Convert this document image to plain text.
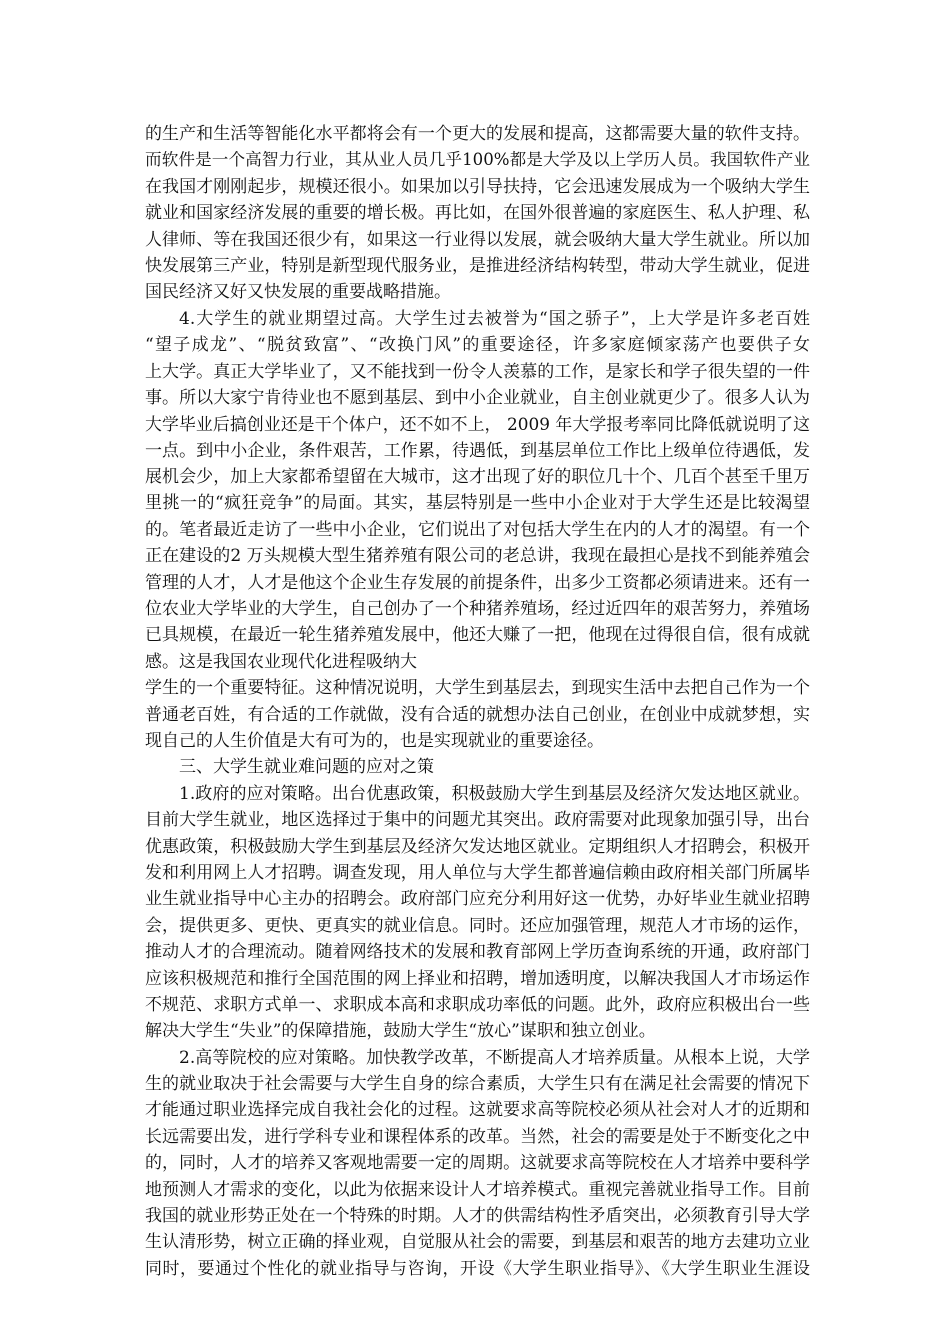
的生产和生活等智能化水平都将会有一个更大的发展和提高，这都需要大量的软件支持。
而软件是一个高智力行业，其从业人员几乎100%都是大学及以上学历人员。我国软件产业
在我国才刚刚起步，规模还很小。如果加以引导扶持，它会迅速发展成为一个吸纳大学生
就业和国家经济发展的重要的增长极。再比如，在国外很普遍的家庭医生、私人护理、私
人律师、等在我国还很少有，如果这一行业得以发展，就会吸纳大量大学生就业。所以加
快发展第三产业，特别是新型现代服务业，是推进经济结构转型，带动大学生就业，促进
国民经济又好又快发展的重要战略措施。
4.大学生的就业期望过高。大学生过去被誉为“国之骄子”，上大学是许多老百姓
“望子成龙”、“脱贫致富”、“改换门风”的重要途径，许多家庭倾家荡产也要供子女
上大学。真正大学毕业了，又不能找到一份令人羡慕的工作，是家长和学子很失望的一件
事。所以大家宁肯待业也不愿到基层、到中小企业就业，自主创业就更少了。很多人认为
大学毕业后搞创业还是干个体户，还不如不上， 2009 年大学报考率同比降低就说明了这
一点。到中小企业，条件艰苦，工作累，待遇低，到基层单位工作比上级单位待遇低，发
展机会少，加上大家都希望留在大城市，这才出现了好的职位几十个、几百个甚至千里万
里挑一的“疯狂竞争”的局面。其实，基层特别是一些中小企业对于大学生还是比较渴望
的。笔者最近走访了一些中小企业，它们说出了对包括大学生在内的人才的渴望。有一个
正在建设的2 万头规模大型生猪养殖有限公司的老总讲，我现在最担心是找不到能养殖会
管理的人才，人才是他这个企业生存发展的前提条件，出多少工资都必须请进来。还有一
位农业大学毕业的大学生，自己创办了一个种猪养殖场，经过近四年的艰苦努力，养殖场
已具规模，在最近一轮生猪养殖发展中，他还大赚了一把，他现在过得很自信，很有成就
感。这是我国农业现代化进程吸纳大
学生的一个重要特征。这种情况说明，大学生到基层去，到现实生活中去把自己作为一个
普通老百姓，有合适的工作就做，没有合适的就想办法自己创业，在创业中成就梦想，实
现自己的人生价值是大有可为的，也是实现就业的重要途径。
三、大学生就业难问题的应对之策
1.政府的应对策略。出台优惠政策，积极鼓励大学生到基层及经济欠发达地区就业。
目前大学生就业，地区选择过于集中的问题尤其突出。政府需要对此现象加强引导，出台
优惠政策，积极鼓励大学生到基层及经济欠发达地区就业。定期组织人才招聘会，积极开
发和利用网上人才招聘。调查发现，用人单位与大学生都普遍信赖由政府相关部门所属毕
业生就业指导中心主办的招聘会。政府部门应充分利用好这一优势，办好毕业生就业招聘
会，提供更多、更快、更真实的就业信息。同时。还应加强管理，规范人才市场的运作，
推动人才的合理流动。随着网络技术的发展和教育部网上学历查询系统的开通，政府部门
应该积极规范和推行全国范围的网上择业和招聘，增加透明度，以解决我国人才市场运作
不规范、求职方式单一、求职成本高和求职成功率低的问题。此外，政府应积极出台一些
解决大学生“失业”的保障措施，鼓励大学生“放心”谋职和独立创业。
2.高等院校的应对策略。加快教学改革，不断提高人才培养质量。从根本上说，大学
生的就业取决于社会需要与大学生自身的综合素质，大学生只有在满足社会需要的情况下
才能通过职业选择完成自我社会化的过程。这就要求高等院校必须从社会对人才的近期和
长远需要出发，进行学科专业和课程体系的改革。当然，社会的需要是处于不断变化之中
的，同时，人才的培养又客观地需要一定的周期。这就要求高等院校在人才培养中要科学
地预测人才需求的变化，以此为依据来设计人才培养模式。重视完善就业指导工作。目前
我国的就业形势正处在一个特殊的时期。人才的供需结构性矛盾突出，必须教育引导大学
生认清形势，树立正确的择业观，自觉服从社会的需要，到基层和艰苦的地方去建功立业
同时，要通过个性化的就业指导与咨询，开设《大学生职业指导》、《大学生职业生涯设
